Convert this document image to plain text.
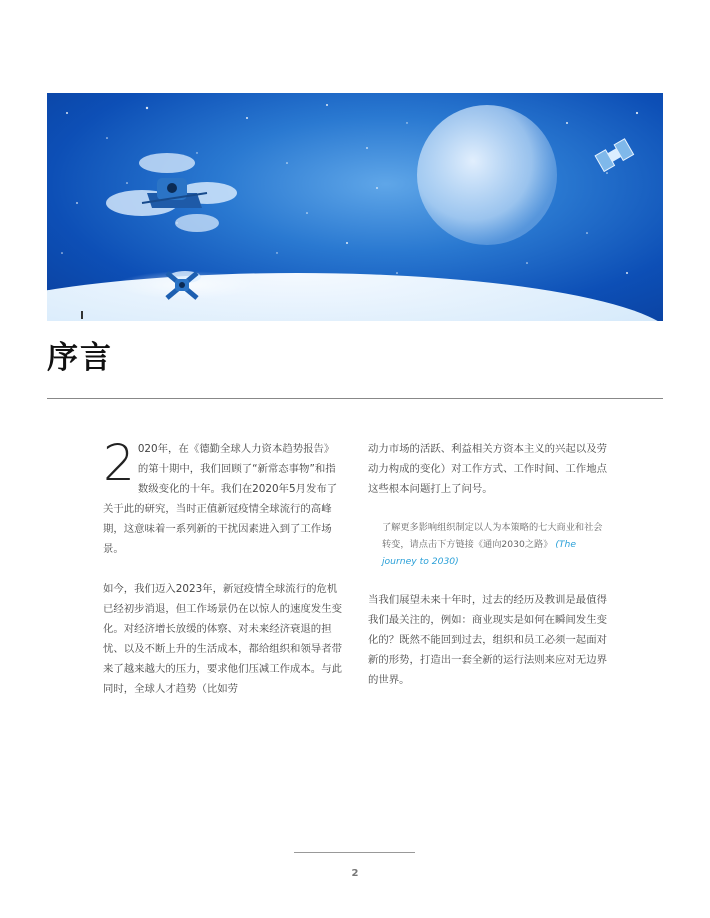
序言

2 020年，在《德勤全球人力资本趋势报告》的第十期中，我们回顾了“新常态事物”和指数级变化的十年。我们在2020年5月发布了关于此的研究，当时正值新冠疫情全球流行的高峰期，这意味着一系列新的干扰因素进入到了工作场景。

如今，我们迈入2023年，新冠疫情全球流行的危机已经初步消退，但工作场景仍在以惊人的速度发生变化。对经济增长放缓的体察、对未来经济衰退的担忧、以及不断上升的生活成本，都给组织和领导者带来了越来越大的压力，要求他们压减工作成本。与此同时，全球人才趋势（比如劳

动力市场的活跃、利益相关方资本主义的兴起以及劳动力构成的变化）对工作方式、工作时间、工作地点这些根本问题打上了问号。

了解更多影响组织制定以人为本策略的七大商业和社会转变，请点击下方链接《通向2030之路》 (The journey to 2030)

当我们展望未来十年时，过去的经历及教训是最值得我们最关注的，例如：商业现实是如何在瞬间发生变化的？既然不能回到过去，组织和员工必须一起面对新的形势，打造出一套全新的运行法则来应对无边界的世界。

2
